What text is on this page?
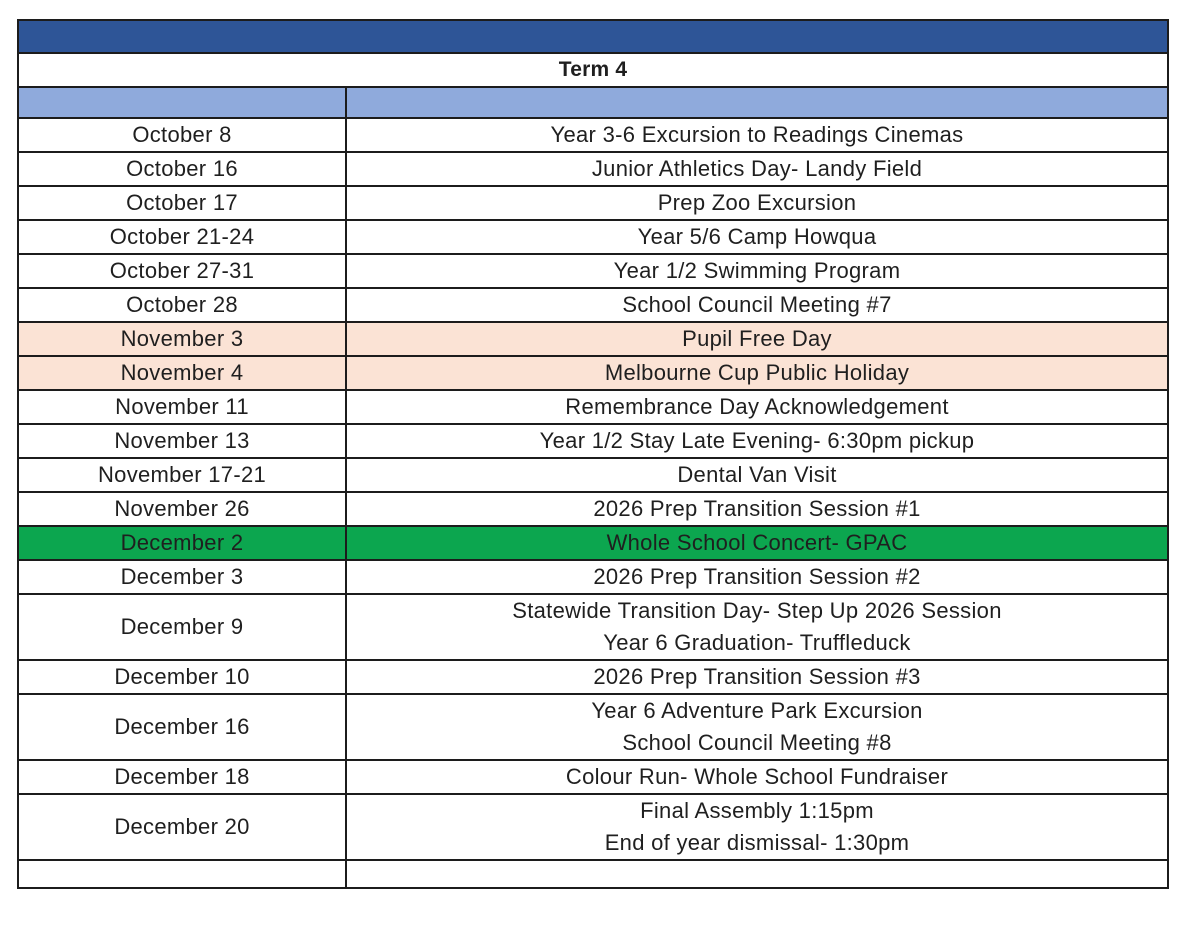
Term 4	

October 8	Year 3-6 Excursion to Readings Cinemas

October 16	Junior Athletics Day- Landy Field

October 17	Prep Zoo Excursion

October 21-24	Year 5/6 Camp Howqua

October 27-31	Year 1/2 Swimming Program

October 28	School Council Meeting #7

November 3	Pupil Free Day

November 4	Melbourne Cup Public Holiday

November 11	Remembrance Day Acknowledgement

November 13	Year 1/2 Stay Late Evening- 6:30pm pickup

November 17-21	Dental Van Visit

November 26	2026 Prep Transition Session #1

December 2	Whole School Concert- GPAC

December 3	2026 Prep Transition Session #2

December 9	Statewide Transition Day- Step Up 2026 Session
Year 6 Graduation- Truffleduck

December 10	2026 Prep Transition Session #3

December 16	Year 6 Adventure Park Excursion
School Council Meeting #8

December 18	Colour Run- Whole School Fundraiser

December 20	Final Assembly 1:15pm
End of year dismissal- 1:30pm
